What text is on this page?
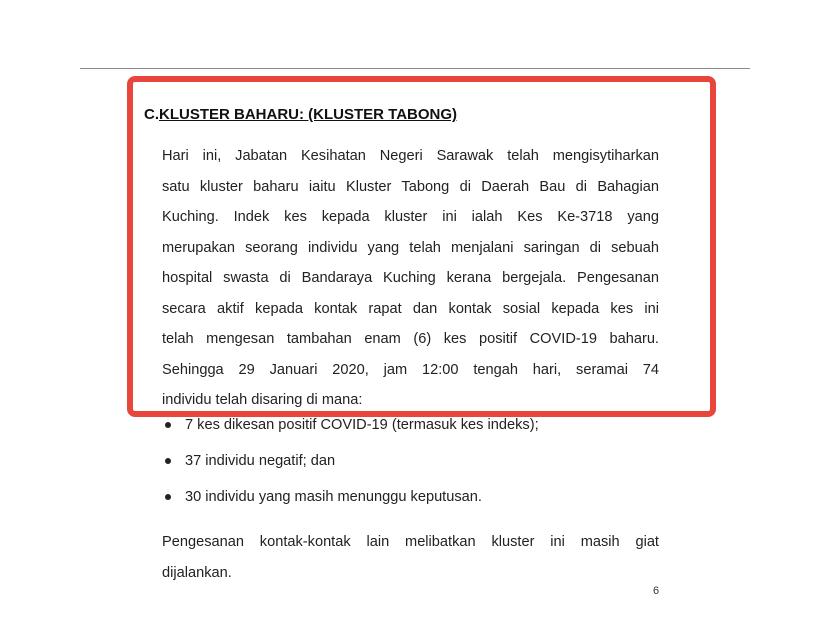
C.KLUSTER BAHARU: (KLUSTER TABONG)
Hari ini, Jabatan Kesihatan Negeri Sarawak telah mengisytiharkan
satu kluster baharu iaitu Kluster Tabong di Daerah Bau di Bahagian
Kuching. Indek kes kepada kluster ini ialah Kes Ke-3718 yang
merupakan seorang individu yang telah menjalani saringan di sebuah
hospital swasta di Bandaraya Kuching kerana bergejala. Pengesanan
secara aktif kepada kontak rapat dan kontak sosial kepada kes ini
telah mengesan tambahan enam (6) kes positif COVID-19 baharu.
Sehingga 29 Januari 2020, jam 12:00 tengah hari, seramai 74
individu telah disaring di mana:
7 kes dikesan positif COVID-19 (termasuk kes indeks);
37 individu negatif; dan
30 individu yang masih menunggu keputusan.
Pengesanan kontak-kontak lain melibatkan kluster ini masih giat
dijalankan.
6
